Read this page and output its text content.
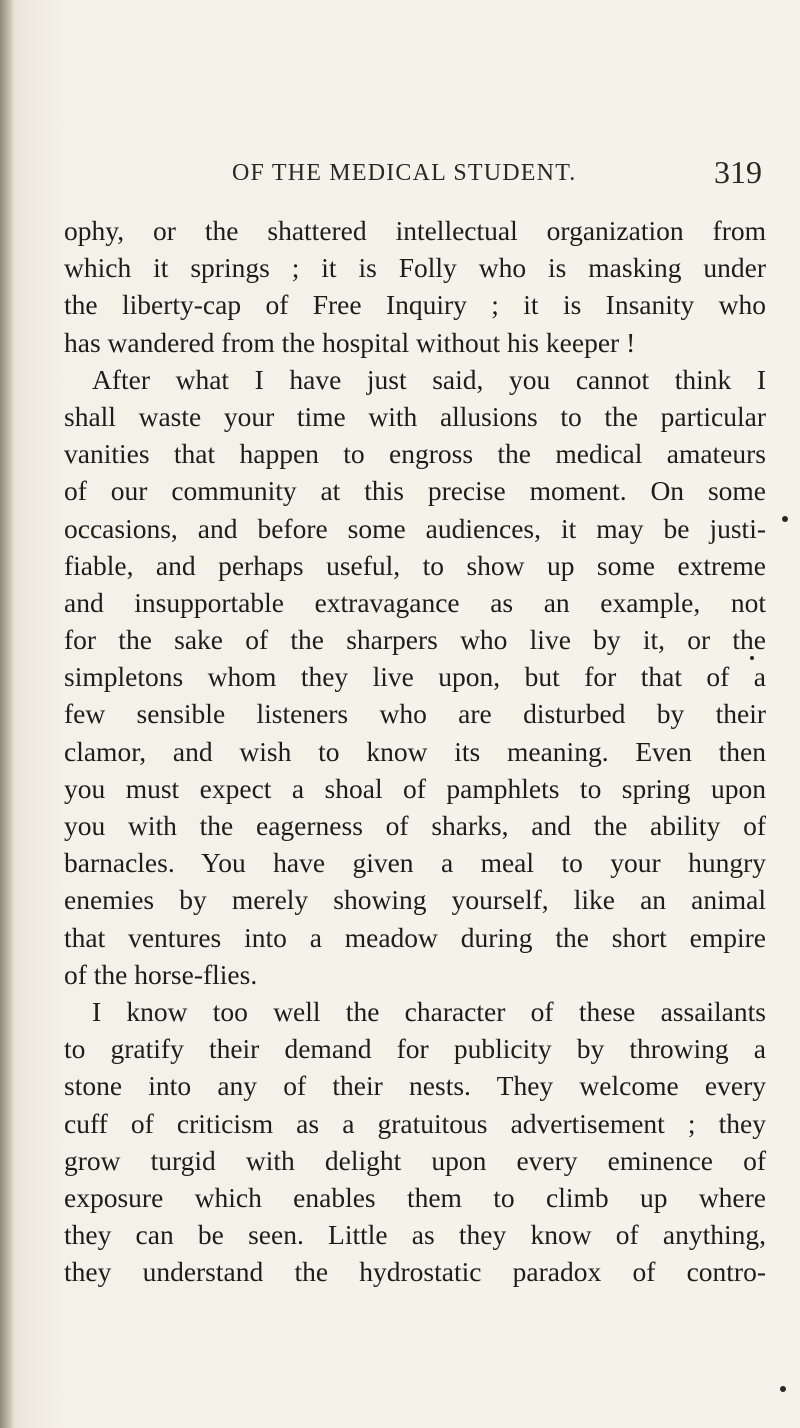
OF THE MEDICAL STUDENT.	319
ophy, or the shattered intellectual organization from
which it springs ; it is Folly who is masking under
the liberty-cap of Free Inquiry ; it is Insanity who
has wandered from the hospital without his keeper !
After what I have just said, you cannot think I
shall waste your time with allusions to the particular
vanities that happen to engross the medical amateurs
of our community at this precise moment. On some
occasions, and before some audiences, it may be justi-
fiable, and perhaps useful, to show up some extreme
and insupportable extravagance as an example, not
for the sake of the sharpers who live by it, or the
simpletons whom they live upon, but for that of a
few sensible listeners who are disturbed by their
clamor, and wish to know its meaning. Even then
you must expect a shoal of pamphlets to spring upon
you with the eagerness of sharks, and the ability of
barnacles. You have given a meal to your hungry
enemies by merely showing yourself, like an animal
that ventures into a meadow during the short empire
of the horse-flies.
I know too well the character of these assailants
to gratify their demand for publicity by throwing a
stone into any of their nests. They welcome every
cuff of criticism as a gratuitous advertisement ; they
grow turgid with delight upon every eminence of
exposure which enables them to climb up where
they can be seen. Little as they know of anything,
they understand the hydrostatic paradox of contro-
